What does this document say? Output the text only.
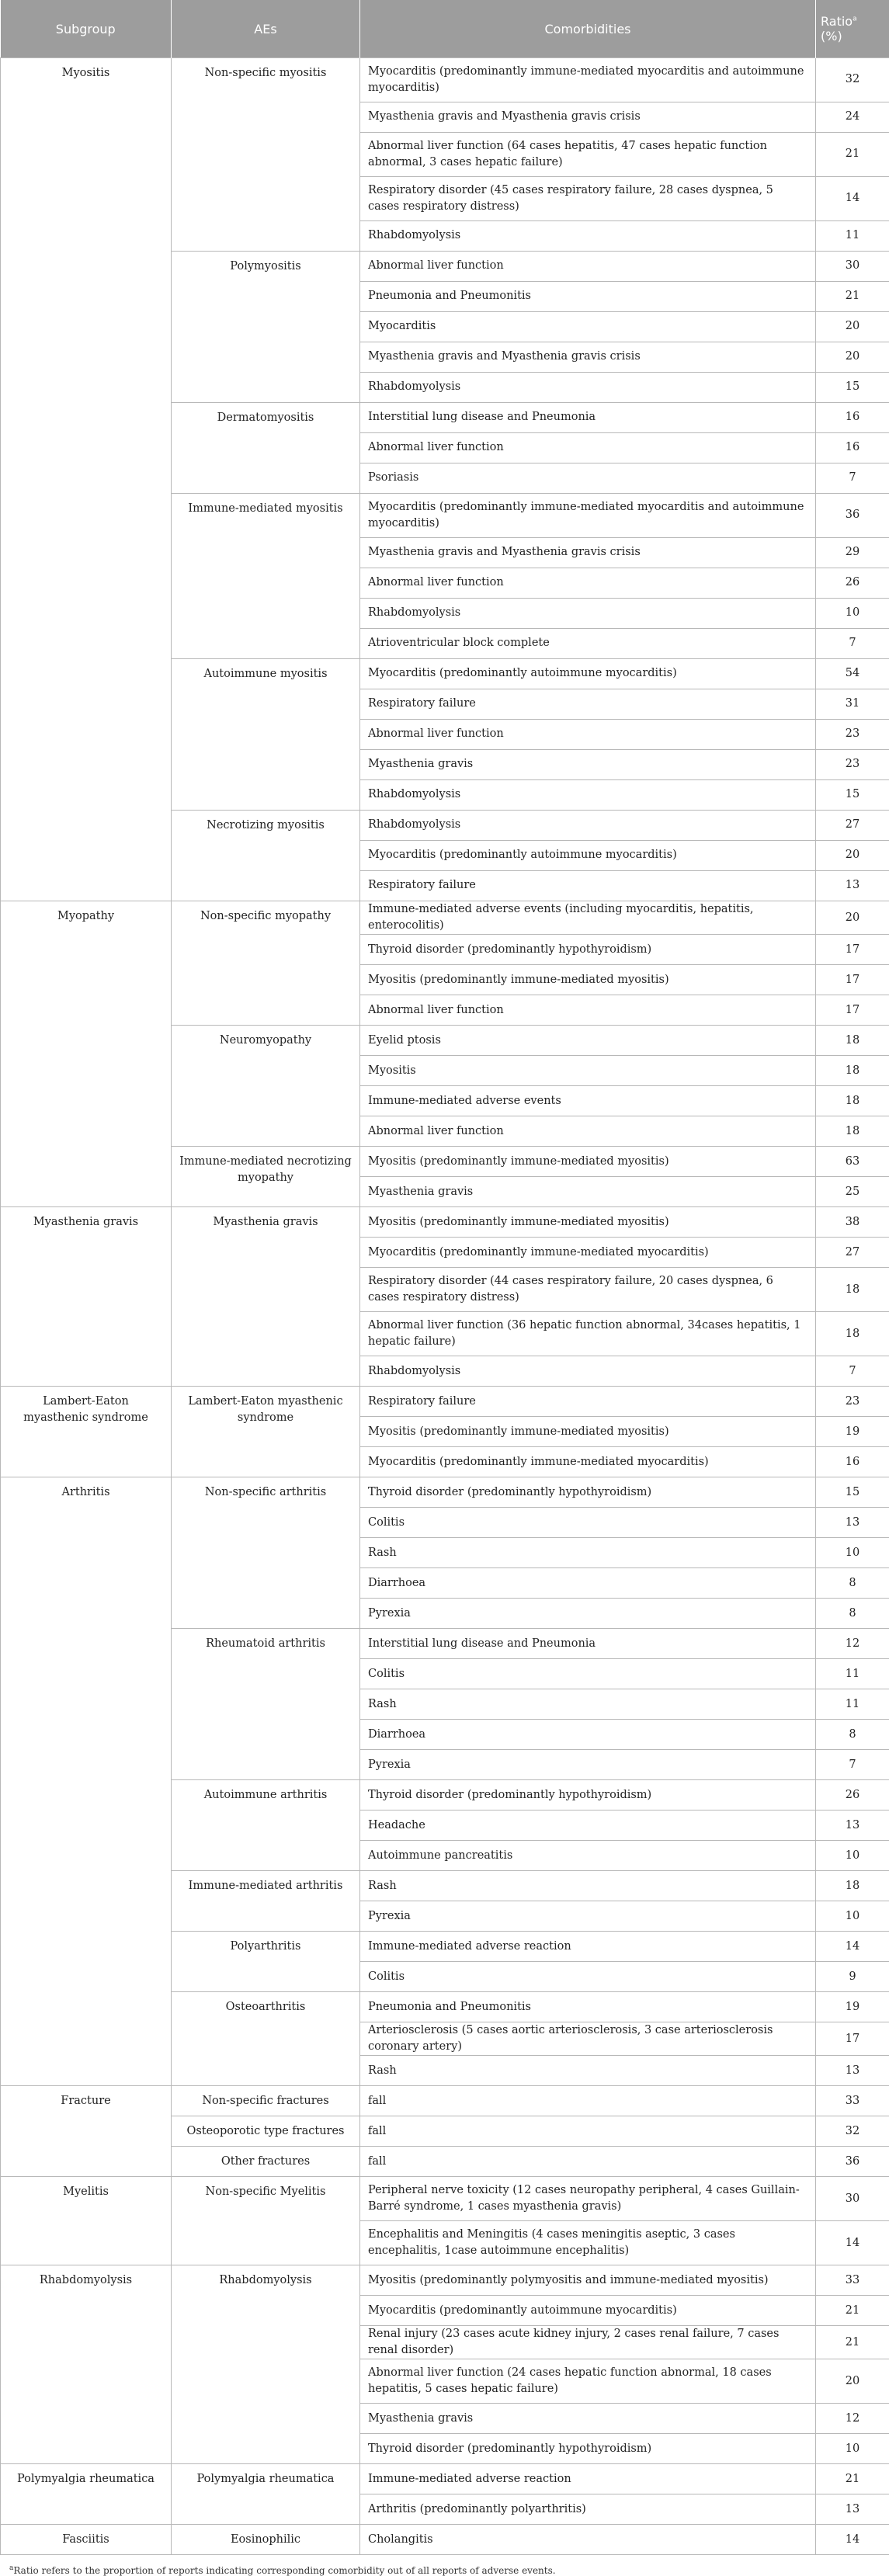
Subgroup	AEs	Comorbidities	Ratio$^a$
(%)
Myositis	Non-specific myositis	Myocarditis (predominantly immune-mediated myocarditis and autoimmune myocarditis)	32
		Myasthenia gravis and Myasthenia gravis crisis	24
		Abnormal liver function (64 cases hepatitis, 47 cases hepatic function abnormal, 3 cases hepatic failure)	21
		Respiratory disorder (45 cases respiratory failure, 28 cases dyspnea, 5 cases respiratory distress)	14
		Rhabdomyolysis	11
	Polymyositis	Abnormal liver function	30
		Pneumonia and Pneumonitis	21
		Myocarditis	20
		Myasthenia gravis and Myasthenia gravis crisis	20
		Rhabdomyolysis	15
	Dermatomyositis	Interstitial lung disease and Pneumonia	16
		Abnormal liver function	16
		Psoriasis	7
	Immune-mediated myositis	Myocarditis (predominantly immune-mediated myocarditis and autoimmune myocarditis)	36
		Myasthenia gravis and Myasthenia gravis crisis	29
		Abnormal liver function	26
		Rhabdomyolysis	10
		Atrioventricular block complete	7
	Autoimmune myositis	Myocarditis (predominantly autoimmune myocarditis)	54
		Respiratory failure	31
		Abnormal liver function	23
		Myasthenia gravis	23
		Rhabdomyolysis	15
	Necrotizing myositis	Rhabdomyolysis	27
		Myocarditis (predominantly autoimmune myocarditis)	20
		Respiratory failure	13
Myopathy	Non-specific myopathy	Immune-mediated adverse events (including myocarditis, hepatitis, enterocolitis)	20
		Thyroid disorder (predominantly hypothyroidism)	17
		Myositis (predominantly immune-mediated myositis)	17
		Abnormal liver function	17
	Neuromyopathy	Eyelid ptosis	18
		Myositis	18
		Immune-mediated adverse events	18
		Abnormal liver function	18
	Immune-mediated necrotizing myopathy	Myositis (predominantly immune-mediated myositis)	63
		Myasthenia gravis	25
Myasthenia gravis	Myasthenia gravis	Myositis (predominantly immune-mediated myositis)	38
		Myocarditis (predominantly immune-mediated myocarditis)	27
		Respiratory disorder (44 cases respiratory failure, 20 cases dyspnea, 6 cases respiratory distress)	18
		Abnormal liver function (36 hepatic function abnormal, 34cases hepatitis, 1 hepatic failure)	18
		Rhabdomyolysis	7
Lambert-Eaton myasthenic syndrome	Lambert-Eaton myasthenic syndrome	Respiratory failure	23
		Myositis (predominantly immune-mediated myositis)	19
		Myocarditis (predominantly immune-mediated myocarditis)	16
Arthritis	Non-specific arthritis	Thyroid disorder (predominantly hypothyroidism)	15
		Colitis	13
		Rash	10
		Diarrhoea	8
		Pyrexia	8
	Rheumatoid arthritis	Interstitial lung disease and Pneumonia	12
		Colitis	11
		Rash	11
		Diarrhoea	8
		Pyrexia	7
	Autoimmune arthritis	Thyroid disorder (predominantly hypothyroidism)	26
		Headache	13
		Autoimmune pancreatitis	10
	Immune-mediated arthritis	Rash	18
		Pyrexia	10
	Polyarthritis	Immune-mediated adverse reaction	14
		Colitis	9
	Osteoarthritis	Pneumonia and Pneumonitis	19
		Arteriosclerosis (5 cases aortic arteriosclerosis, 3 case arteriosclerosis coronary artery)	17
		Rash	13
Fracture	Non-specific fractures	fall	33
	Osteoporotic type fractures	fall	32
	Other fractures	fall	36
Myelitis	Non-specific Myelitis	Peripheral nerve toxicity (12 cases neuropathy peripheral, 4 cases Guillain-Barré syndrome, 1 cases myasthenia gravis)	30
		Encephalitis and Meningitis (4 cases meningitis aseptic, 3 cases encephalitis, 1case autoimmune encephalitis)	14
Rhabdomyolysis	Rhabdomyolysis	Myositis (predominantly polymyositis and immune-mediated myositis)	33
		Myocarditis (predominantly autoimmune myocarditis)	21
		Renal injury (23 cases acute kidney injury, 2 cases renal failure, 7 cases renal disorder)	21
		Abnormal liver function (24 cases hepatic function abnormal, 18 cases hepatitis, 5 cases hepatic failure)	20
		Myasthenia gravis	12
		Thyroid disorder (predominantly hypothyroidism)	10
Polymyalgia rheumatica	Polymyalgia rheumatica	Immune-mediated adverse reaction	21
		Arthritis (predominantly polyarthritis)	13
Fasciitis	Eosinophilic	Cholangitis	14
$^a$Ratio refers to the proportion of reports indicating corresponding comorbidity out of all reports of adverse events.
